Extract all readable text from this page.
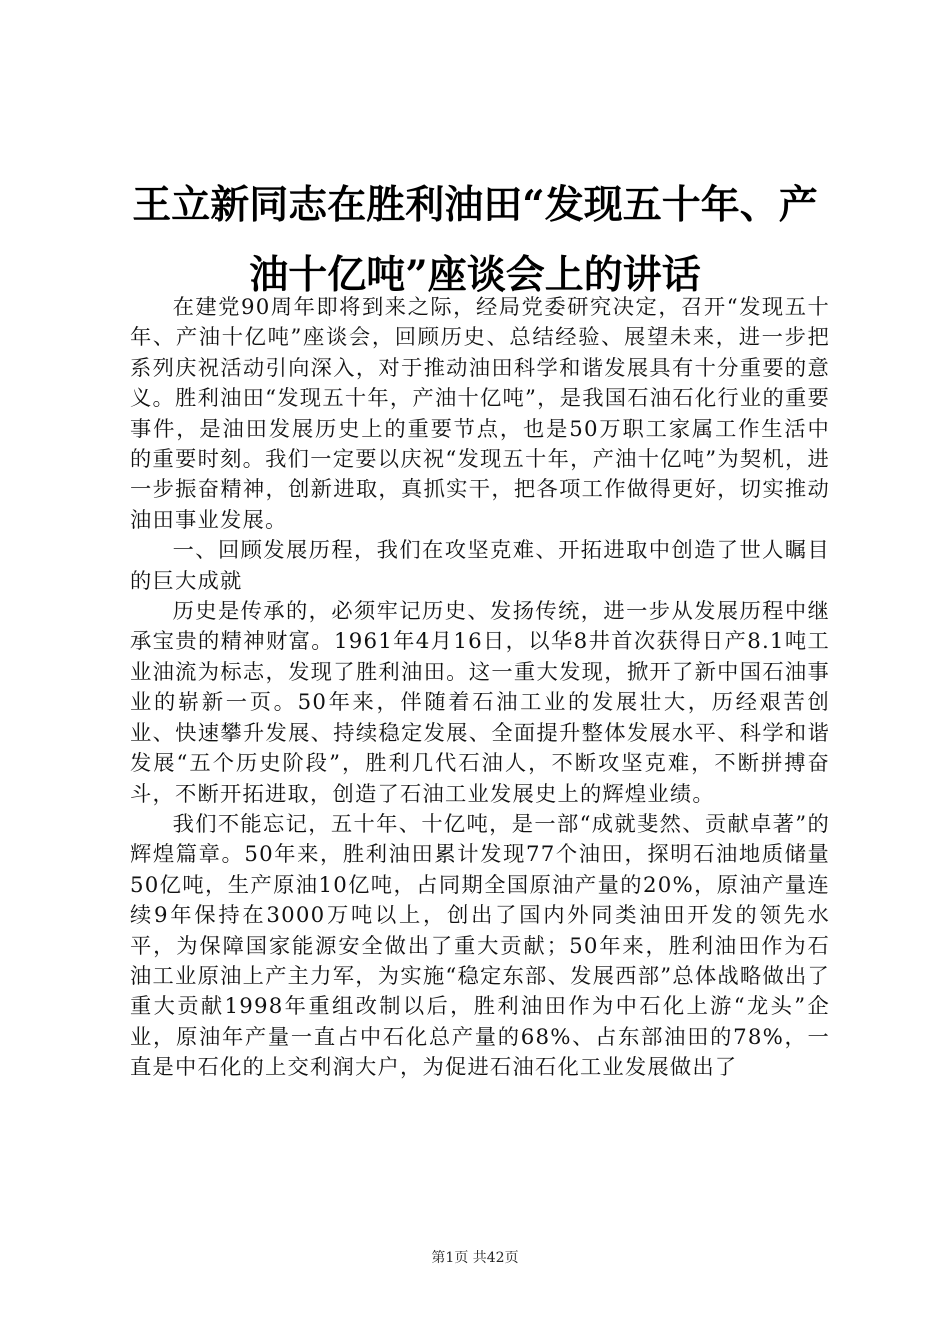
王立新同志在胜利油田“发现五十年、产油十亿吨”座谈会上的讲话

在建党90周年即将到来之际，经局党委研究决定，召开“发现五十年、产油十亿吨”座谈会，回顾历史、总结经验、展望未来，进一步把系列庆祝活动引向深入，对于推动油田科学和谐发展具有十分重要的意义。胜利油田“发现五十年，产油十亿吨”，是我国石油石化行业的重要事件，是油田发展历史上的重要节点，也是50万职工家属工作生活中的重要时刻。我们一定要以庆祝“发现五十年，产油十亿吨”为契机，进一步振奋精神，创新进取，真抓实干，把各项工作做得更好，切实推动油田事业发展。

一、回顾发展历程，我们在攻坚克难、开拓进取中创造了世人瞩目的巨大成就

历史是传承的，必须牢记历史、发扬传统，进一步从发展历程中继承宝贵的精神财富。1961年4月16日，以华8井首次获得日产8.1吨工业油流为标志，发现了胜利油田。这一重大发现，掀开了新中国石油事业的崭新一页。50年来，伴随着石油工业的发展壮大，历经艰苦创业、快速攀升发展、持续稳定发展、全面提升整体发展水平、科学和谐发展“五个历史阶段”，胜利几代石油人，不断攻坚克难，不断拼搏奋斗，不断开拓进取，创造了石油工业发展史上的辉煌业绩。

我们不能忘记，五十年、十亿吨，是一部“成就斐然、贡献卓著”的辉煌篇章。50年来，胜利油田累计发现77个油田，探明石油地质储量50亿吨，生产原油10亿吨，占同期全国原油产量的20%，原油产量连续9年保持在3000万吨以上，创出了国内外同类油田开发的领先水平，为保障国家能源安全做出了重大贡献；50年来，胜利油田作为石油工业原油上产主力军，为实施“稳定东部、发展西部”总体战略做出了重大贡献1998年重组改制以后，胜利油田作为中石化上游“龙头”企业，原油年产量一直占中石化总产量的68%、占东部油田的78%，一直是中石化的上交利润大户，为促进石油石化工业发展做出了

第1页 共42页
